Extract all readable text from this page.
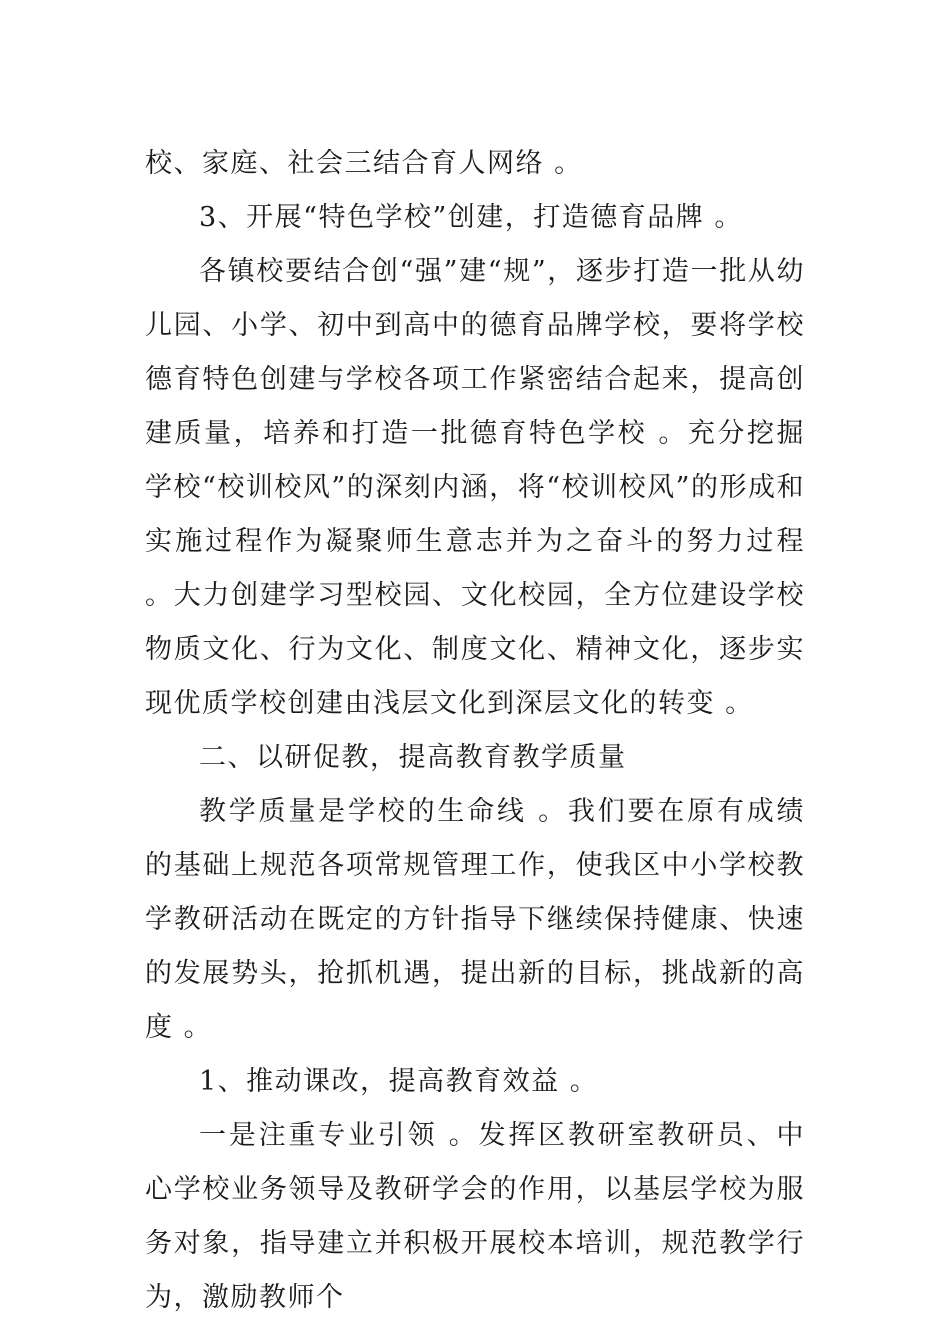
校、家庭、社会三结合育人网络 。

3、开展“特色学校”创建，打造德育品牌 。

各镇校要结合创“强”建“规”，逐步打造一批从幼儿园、小学、初中到高中的德育品牌学校，要将学校德育特色创建与学校各项工作紧密结合起来，提高创建质量，培养和打造一批德育特色学校 。充分挖掘学校“校训校风”的深刻内涵，将“校训校风”的形成和实施过程作为凝聚师生意志并为之奋斗的努力过程 。大力创建学习型校园、文化校园，全方位建设学校物质文化、行为文化、制度文化、精神文化，逐步实现优质学校创建由浅层文化到深层文化的转变 。

二、以研促教，提高教育教学质量

教学质量是学校的生命线 。我们要在原有成绩的基础上规范各项常规管理工作，使我区中小学校教学教研活动在既定的方针指导下继续保持健康、快速的发展势头，抢抓机遇，提出新的目标，挑战新的高度 。

1、推动课改，提高教育效益 。

一是注重专业引领 。发挥区教研室教研员、中心学校业务领导及教研学会的作用，以基层学校为服务对象，指导建立并积极开展校本培训，规范教学行为，激励教师个
